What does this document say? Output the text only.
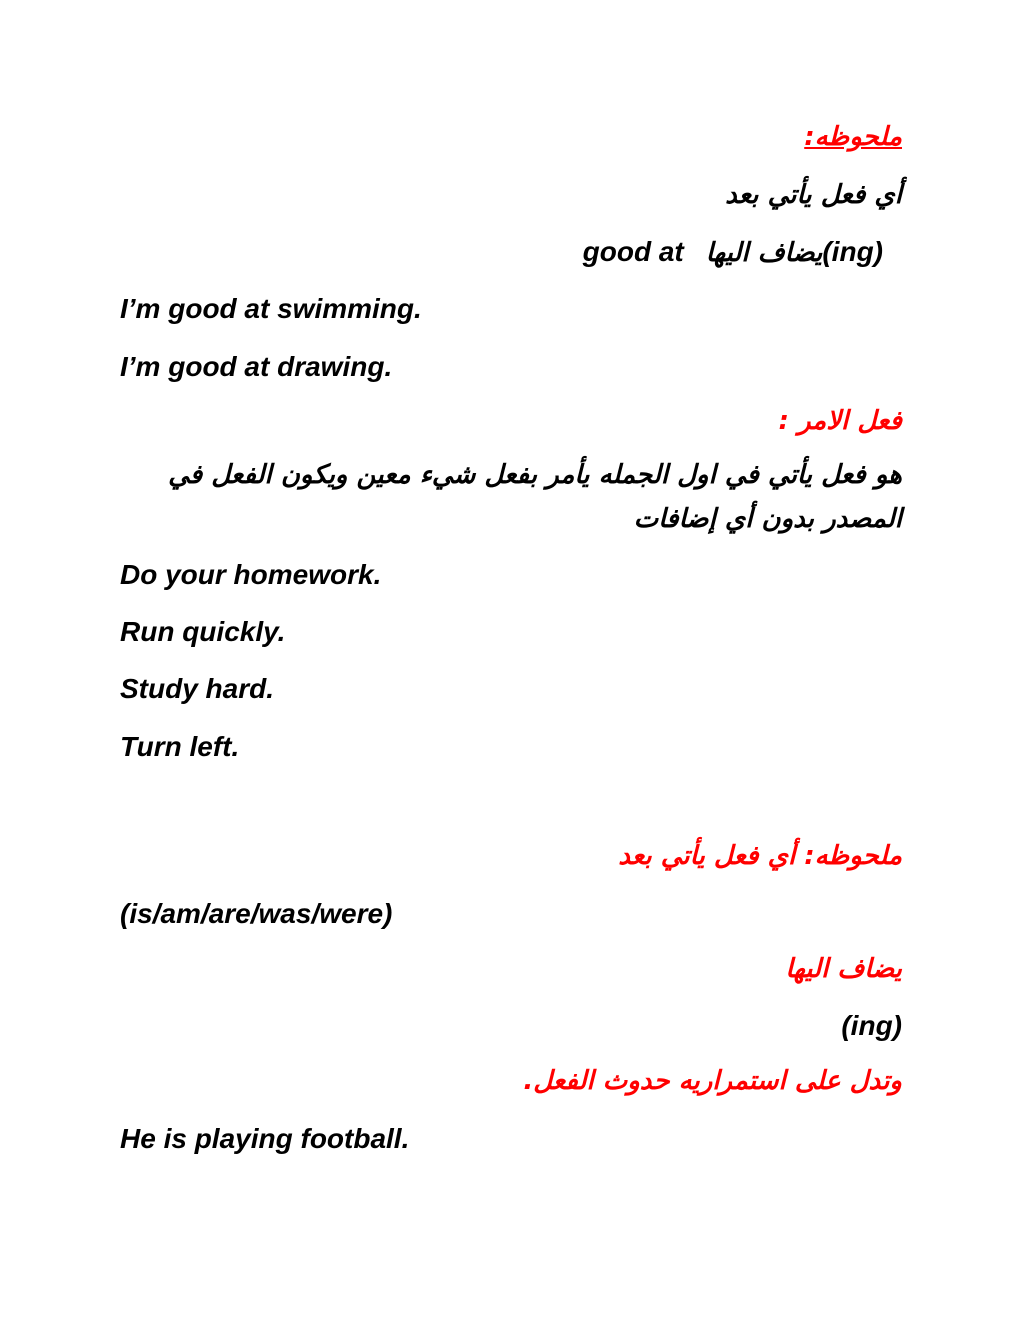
ملحوظه:
أي فعل يأتي بعد
good at يضاف اليها(ing)
I’m good at swimming.
I’m good at drawing.
فعل الامر :
هو فعل يأتي في اول الجمله يأمر بفعل شيء معين ويكون الفعل في
المصدر بدون أي إضافات
Do your homework.
Run quickly.
Study hard.
Turn left.
ملحوظه: أي فعل يأتي بعد
(is/am/are/was/were)
يضاف اليها
(ing)
وتدل على استمراريه حدوث الفعل.
He is playing football.
